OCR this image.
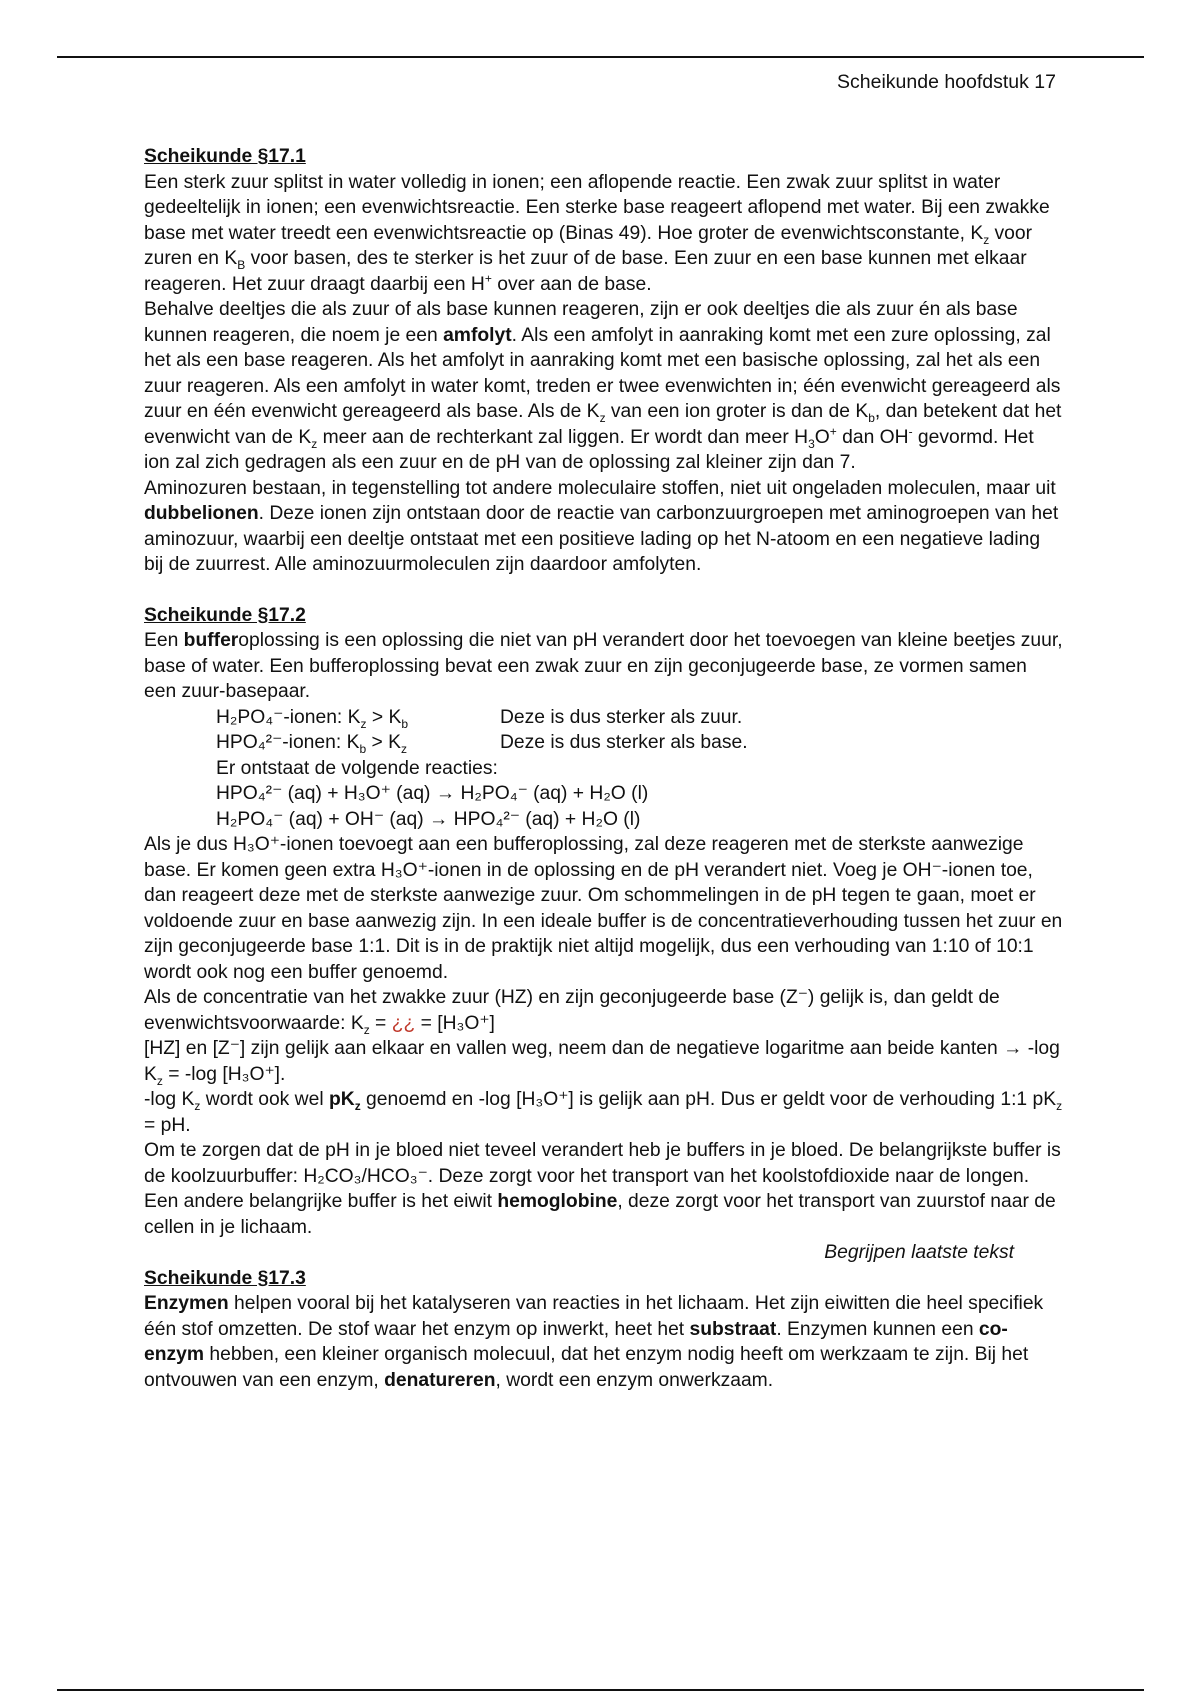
Scheikunde hoofdstuk 17

Scheikunde §17.1

Een sterk zuur splitst in water volledig in ionen; een aflopende reactie. Een zwak zuur splitst in water gedeeltelijk in ionen; een evenwichtsreactie. Een sterke base reageert aflopend met water. Bij een zwakke base met water treedt een evenwichtsreactie op (Binas 49). Hoe groter de evenwichtsconstante, $K_z$ voor zuren en $K_B$ voor basen, des te sterker is het zuur of de base. Een zuur en een base kunnen met elkaar reageren. Het zuur draagt daarbij een H+ over aan de base.

Behalve deeltjes die als zuur of als base kunnen reageren, zijn er ook deeltjes die als zuur én als base kunnen reageren, die noem je een amfolyt. Als een amfolyt in aanraking komt met een zure oplossing, zal het als een base reageren. Als het amfolyt in aanraking komt met een basische oplossing, zal het als een zuur reageren. Als een amfolyt in water komt, treden er twee evenwichten in; één evenwicht gereageerd als zuur en één evenwicht gereageerd als base. Als de $K_z$ van een ion groter is dan de $K_b$, dan betekent dat het evenwicht van de $K_z$ meer aan de rechterkant zal liggen. Er wordt dan meer $H_3O^+$ dan OH- gevormd. Het ion zal zich gedragen als een zuur en de pH van de oplossing zal kleiner zijn dan 7.

Aminozuren bestaan, in tegenstelling tot andere moleculaire stoffen, niet uit ongeladen moleculen, maar uit dubbelionen. Deze ionen zijn ontstaan door de reactie van carbonzuurgroepen met aminogroepen van het aminozuur, waarbij een deeltje ontstaat met een positieve lading op het N-atoom en een negatieve lading bij de zuurrest. Alle aminozuurmoleculen zijn daardoor amfolyten.

Scheikunde §17.2

Een bufferoplossing is een oplossing die niet van pH verandert door het toevoegen van kleine beetjes zuur, base of water. Een bufferoplossing bevat een zwak zuur en zijn geconjugeerde base, ze vormen samen een zuur-basepaar.

H₂PO₄⁻-ionen: $K_z > K_b$	Deze is dus sterker als zuur.

HPO₄²⁻-ionen: $K_b > K_z$	Deze is dus sterker als base.

Er ontstaat de volgende reacties:

HPO₄²⁻ (aq) + H₃O⁺ (aq) → H₂PO₄⁻ (aq) + H₂O (l)

H₂PO₄⁻ (aq) + OH⁻ (aq) → HPO₄²⁻ (aq) + H₂O (l)

Als je dus H₃O⁺-ionen toevoegt aan een bufferoplossing, zal deze reageren met de sterkste aanwezige base. Er komen geen extra H₃O⁺-ionen in de oplossing en de pH verandert niet. Voeg je OH⁻-ionen toe, dan reageert deze met de sterkste aanwezige zuur. Om schommelingen in de pH tegen te gaan, moet er voldoende zuur en base aanwezig zijn. In een ideale buffer is de concentratieverhouding tussen het zuur en zijn geconjugeerde base 1:1. Dit is in de praktijk niet altijd mogelijk, dus een verhouding van 1:10 of 10:1 wordt ook nog een buffer genoemd.

Als de concentratie van het zwakke zuur (HZ) en zijn geconjugeerde base (Z⁻) gelijk is, dan geldt de evenwichtsvoorwaarde: $K_z$ = ¿¿ = [H₃O⁺]

[HZ] en [Z⁻] zijn gelijk aan elkaar en vallen weg, neem dan de negatieve logaritme aan beide kanten → -log $K_z = -\log$ [H₃O⁺].

-log $K_z$ wordt ook wel $pK_z$ genoemd en -log [H₃O⁺] is gelijk aan pH. Dus er geldt voor de verhouding 1:1 $pK_z$ = pH.

Om te zorgen dat de pH in je bloed niet teveel verandert heb je buffers in je bloed. De belangrijkste buffer is de koolzuurbuffer: H₂CO₃/HCO₃⁻. Deze zorgt voor het transport van het koolstofdioxide naar de longen. Een andere belangrijke buffer is het eiwit hemoglobine, deze zorgt voor het transport van zuurstof naar de cellen in je lichaam.

Begrijpen laatste tekst

Scheikunde §17.3

Enzymen helpen vooral bij het katalyseren van reacties in het lichaam. Het zijn eiwitten die heel specifiek één stof omzetten. De stof waar het enzym op inwerkt, heet het substraat. Enzymen kunnen een co-enzym hebben, een kleiner organisch molecuul, dat het enzym nodig heeft om werkzaam te zijn. Bij het ontvouwen van een enzym, denatureren, wordt een enzym onwerkzaam.
